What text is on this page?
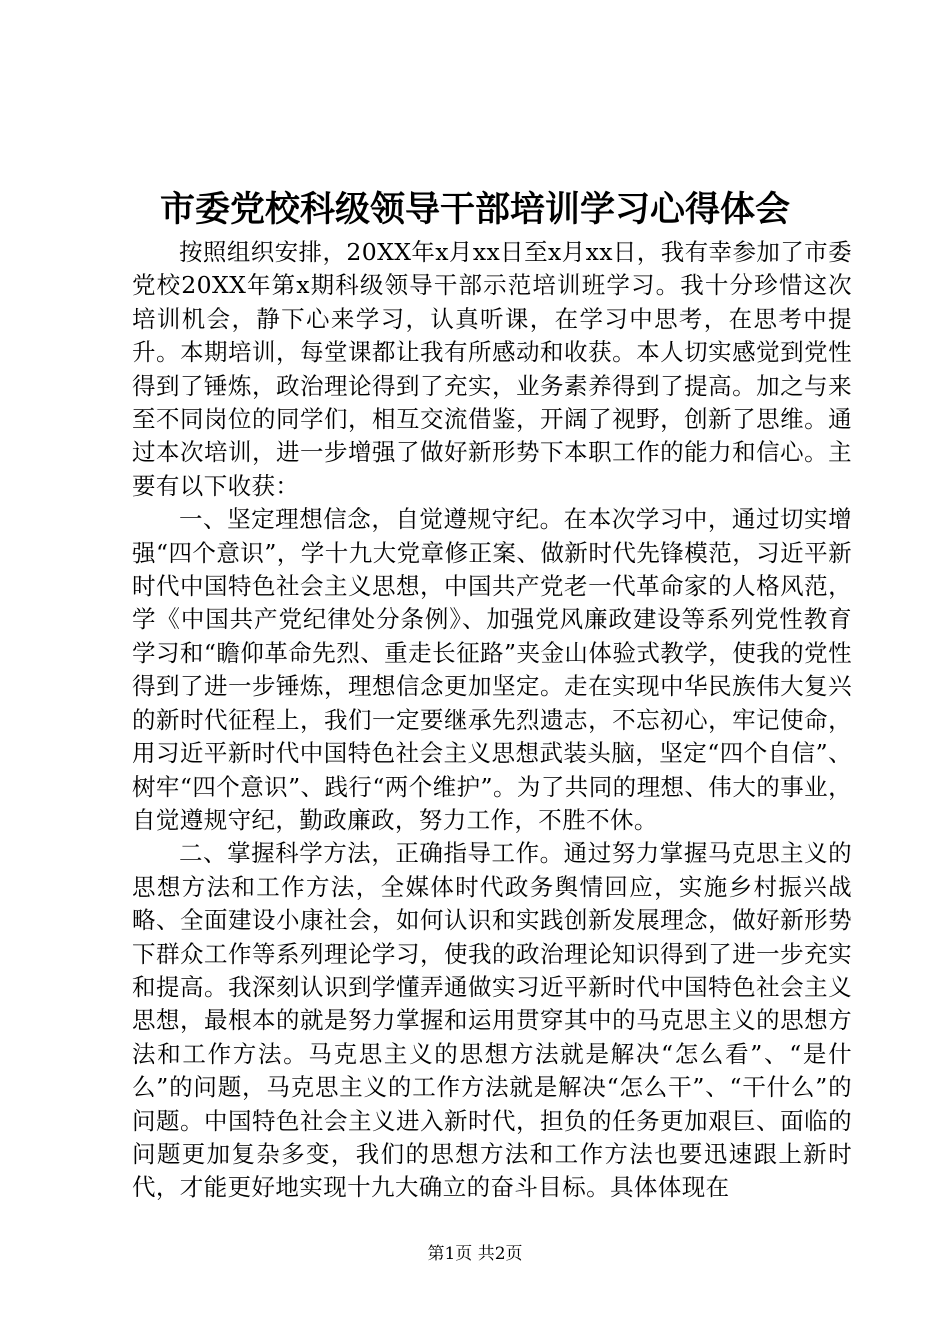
市委党校科级领导干部培训学习心得体会

按照组织安排，20XX年x月xx日至x月xx日，我有幸参加了市委党校20XX年第x期科级领导干部示范培训班学习。我十分珍惜这次培训机会，静下心来学习，认真听课，在学习中思考，在思考中提升。本期培训，每堂课都让我有所感动和收获。本人切实感觉到党性得到了锤炼，政治理论得到了充实，业务素养得到了提高。加之与来至不同岗位的同学们，相互交流借鉴，开阔了视野，创新了思维。通过本次培训，进一步增强了做好新形势下本职工作的能力和信心。主要有以下收获：

一、坚定理想信念，自觉遵规守纪。在本次学习中，通过切实增强“四个意识”，学十九大党章修正案、做新时代先锋模范，习近平新时代中国特色社会主义思想，中国共产党老一代革命家的人格风范，学《中国共产党纪律处分条例》、加强党风廉政建设等系列党性教育学习和“瞻仰革命先烈、重走长征路”夹金山体验式教学，使我的党性得到了进一步锤炼，理想信念更加坚定。走在实现中华民族伟大复兴的新时代征程上，我们一定要继承先烈遗志，不忘初心，牢记使命，用习近平新时代中国特色社会主义思想武装头脑，坚定“四个自信”、树牢“四个意识”、践行“两个维护”。为了共同的理想、伟大的事业，自觉遵规守纪，勤政廉政，努力工作，不胜不休。

二、掌握科学方法，正确指导工作。通过努力掌握马克思主义的思想方法和工作方法，全媒体时代政务舆情回应，实施乡村振兴战略、全面建设小康社会，如何认识和实践创新发展理念，做好新形势下群众工作等系列理论学习，使我的政治理论知识得到了进一步充实和提高。我深刻认识到学懂弄通做实习近平新时代中国特色社会主义思想，最根本的就是努力掌握和运用贯穿其中的马克思主义的思想方法和工作方法。马克思主义的思想方法就是解决“怎么看”、“是什么”的问题，马克思主义的工作方法就是解决“怎么干”、“干什么”的问题。中国特色社会主义进入新时代，担负的任务更加艰巨、面临的问题更加复杂多变，我们的思想方法和工作方法也要迅速跟上新时代，才能更好地实现十九大确立的奋斗目标。具体体现在

第1页 共2页
